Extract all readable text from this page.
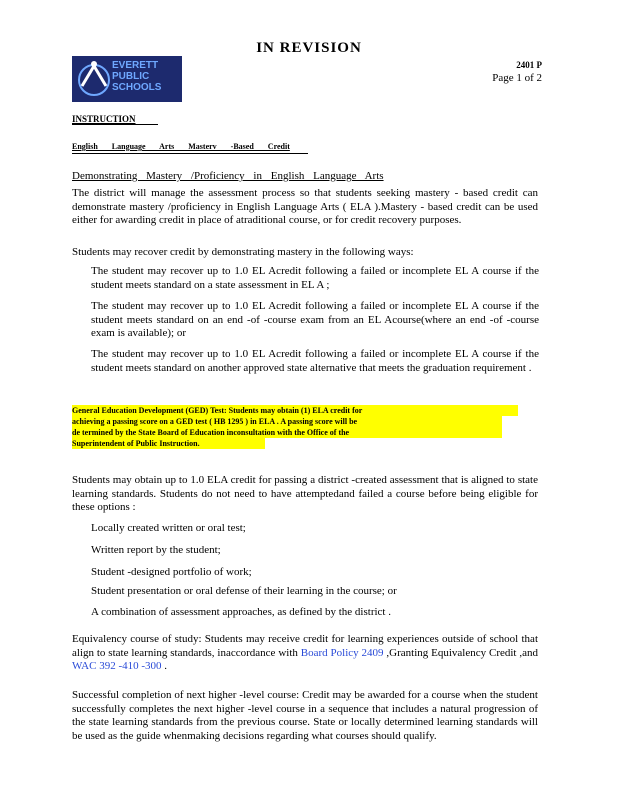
IN REVISION
EVERETT
PUBLIC
SCHOOLS
2401 P
Page 1 of 2
INSTRUCTION
English Language Arts Masterv -Based Credit
Demonstrating Mastery /Proficiency in English Language Arts
The district will manage the assessment process so that students seeking mastery - based credit can demonstrate mastery /proficiency in English Language Arts ( ELA ).Mastery - based credit can be used either for awarding credit in place of atraditional course, or for credit recovery purposes.
Students may recover credit by demonstrating mastery in the following ways:
The student may recover up to 1.0 EL Acredit following a failed or incomplete EL A course if the student meets standard on a state assessment in EL A ;
The student may recover up to 1.0 EL Acredit following a failed or incomplete EL A course if the student meets standard on an end -of -course exam from an EL Acourse(where an end -of -course exam is available); or
The student may recover up to 1.0 EL Acredit following a failed or incomplete EL A course if the student meets standard on another approved state alternative that meets the graduation requirement .
General Education Development (GED) Test: Students may obtain (1) ELA credit for
achieving a passing score on a GED test ( HB 1295 ) in ELA . A passing score will be
de termined by the State Board of Education inconsultation with the Office of the
Superintendent of Public Instruction.
Students may obtain up to 1.0 ELA credit for passing a district -created assessment that is aligned to state learning standards. Students do not need to have attemptedand failed a course before being eligible for these options :
Locally created written or oral test;
Written report by the student;
Student -designed portfolio of work;
Student presentation or oral defense of their learning in the course; or
A combination of assessment approaches, as defined by the district .
Equivalency course of study: Students may receive credit for learning experiences outside of school that align to state learning standards, inaccordance with Board Policy 2409 ,Granting Equivalency Credit ,and WAC 392 -410 -300 .
Successful completion of next higher -level course: Credit may be awarded for a course when the student successfully completes the next higher -level course in a sequence that includes a natural progression of the state learning standards from the previous course. State or locally determined learning standards will be used as the guide whenmaking decisions regarding what courses should qualify.
